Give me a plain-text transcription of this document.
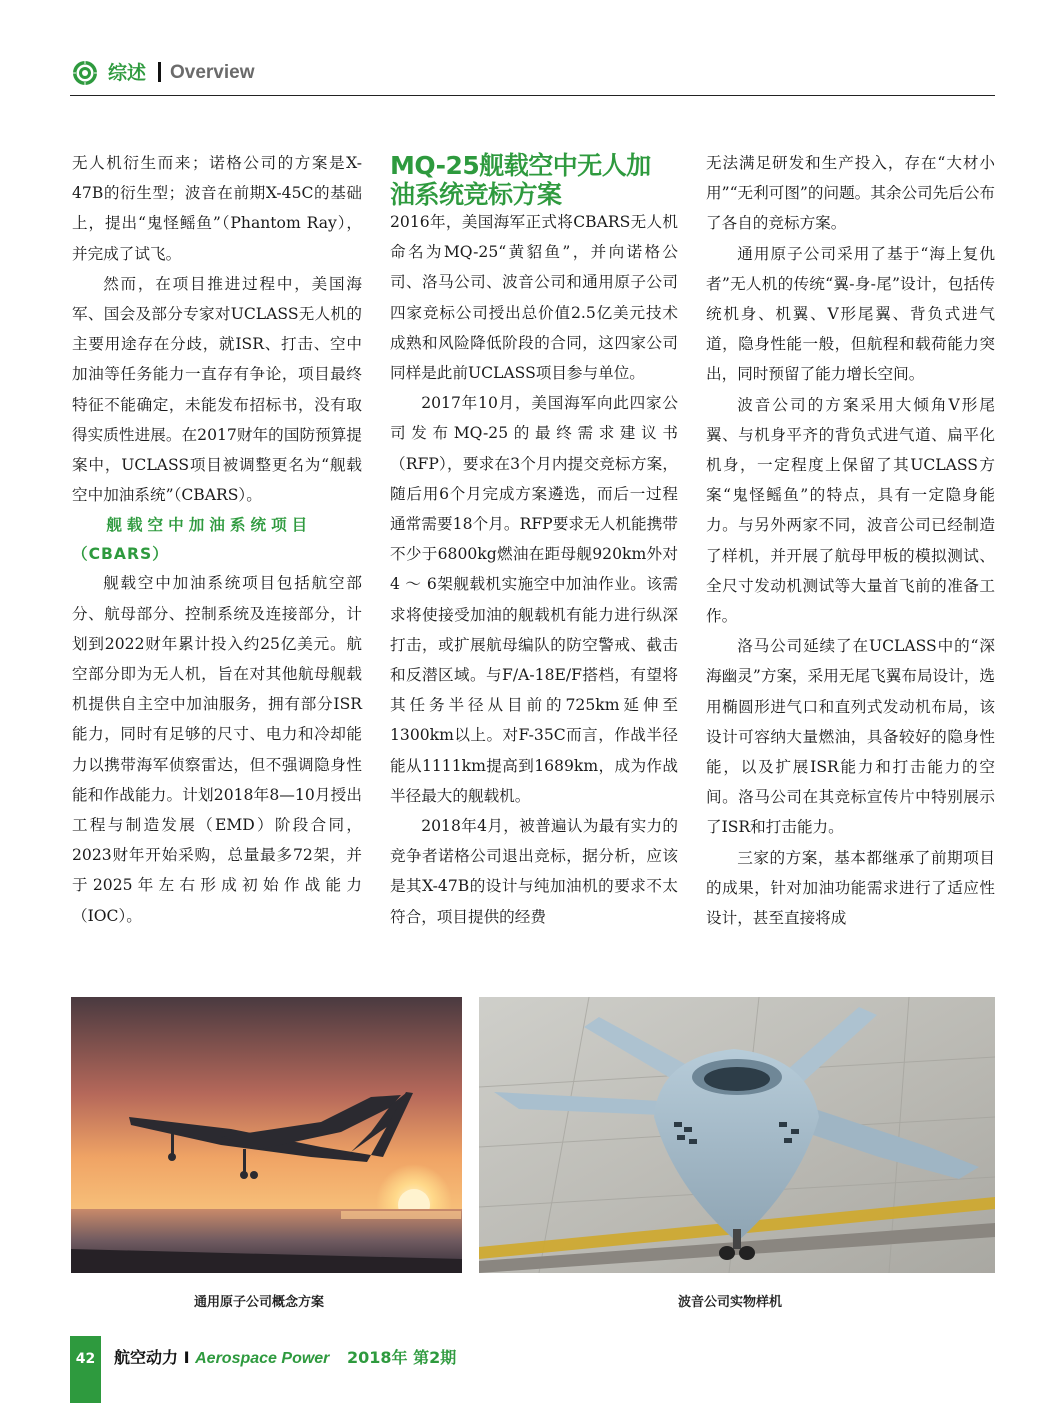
综述 Overview

无人机衍生而来；诺格公司的方案是X-47B的衍生型；波音在前期X-45C的基础上，提出“鬼怪鳐鱼”（Phantom Ray），并完成了试飞。

然而，在项目推进过程中，美国海军、国会及部分专家对UCLASS无人机的主要用途存在分歧，就ISR、打击、空中加油等任务能力一直存有争论，项目最终特征不能确定，未能发布招标书，没有取得实质性进展。在2017财年的国防预算提案中，UCLASS项目被调整更名为“舰载空中加油系统”（CBARS）。

舰载空中加油系统项目
（CBARS）

舰载空中加油系统项目包括航空部分、航母部分、控制系统及连接部分，计划到2022财年累计投入约25亿美元。航空部分即为无人机，旨在对其他航母舰载机提供自主空中加油服务，拥有部分ISR能力，同时有足够的尺寸、电力和冷却能力以携带海军侦察雷达，但不强调隐身性能和作战能力。计划2018年8—10月授出工程与制造发展（EMD）阶段合同，2023财年开始采购，总量最多72架，并于2025年左右形成初始作战能力（IOC）。

MQ-25舰载空中无人加
油系统竞标方案

2016年，美国海军正式将CBARS无人机命名为MQ-25“黄貂鱼”，并向诺格公司、洛马公司、波音公司和通用原子公司四家竞标公司授出总价值2.5亿美元技术成熟和风险降低阶段的合同，这四家公司同样是此前UCLASS项目参与单位。

2017年10月，美国海军向此四家公司发布MQ-25的最终需求建议书（RFP），要求在3个月内提交竞标方案，随后用6个月完成方案遴选，而后一过程通常需要18个月。RFP要求无人机能携带不少于6800kg燃油在距母舰920km外对4 ～ 6架舰载机实施空中加油作业。该需求将使接受加油的舰载机有能力进行纵深打击，或扩展航母编队的防空警戒、截击和反潜区域。与F/A-18E/F搭档，有望将其任务半径从目前的725km延伸至1300km以上。对F-35C而言，作战半径能从1111km提高到1689km，成为作战半径最大的舰载机。

2018年4月，被普遍认为最有实力的竞争者诺格公司退出竞标，据分析，应该是其X-47B的设计与纯加油机的要求不太符合，项目提供的经费

无法满足研发和生产投入，存在“大材小用”“无利可图”的问题。其余公司先后公布了各自的竞标方案。

通用原子公司采用了基于“海上复仇者”无人机的传统“翼-身-尾”设计，包括传统机身、机翼、V形尾翼、背负式进气道，隐身性能一般，但航程和载荷能力突出，同时预留了能力增长空间。

波音公司的方案采用大倾角V形尾翼、与机身平齐的背负式进气道、扁平化机身，一定程度上保留了其UCLASS方案“鬼怪鳐鱼”的特点，具有一定隐身能力。与另外两家不同，波音公司已经制造了样机，并开展了航母甲板的模拟测试、全尺寸发动机测试等大量首飞前的准备工作。

洛马公司延续了在UCLASS中的“深海幽灵”方案，采用无尾飞翼布局设计，选用椭圆形进气口和直列式发动机布局，该设计可容纳大量燃油，具备较好的隐身性能，以及扩展ISR能力和打击能力的空间。洛马公司在其竞标宣传片中特别展示了ISR和打击能力。

三家的方案，基本都继承了前期项目的成果，针对加油功能需求进行了适应性设计，甚至直接将成

通用原子公司概念方案	波音公司实物样机
42	航空动力 I Aerospace Power 2018年 第2期
